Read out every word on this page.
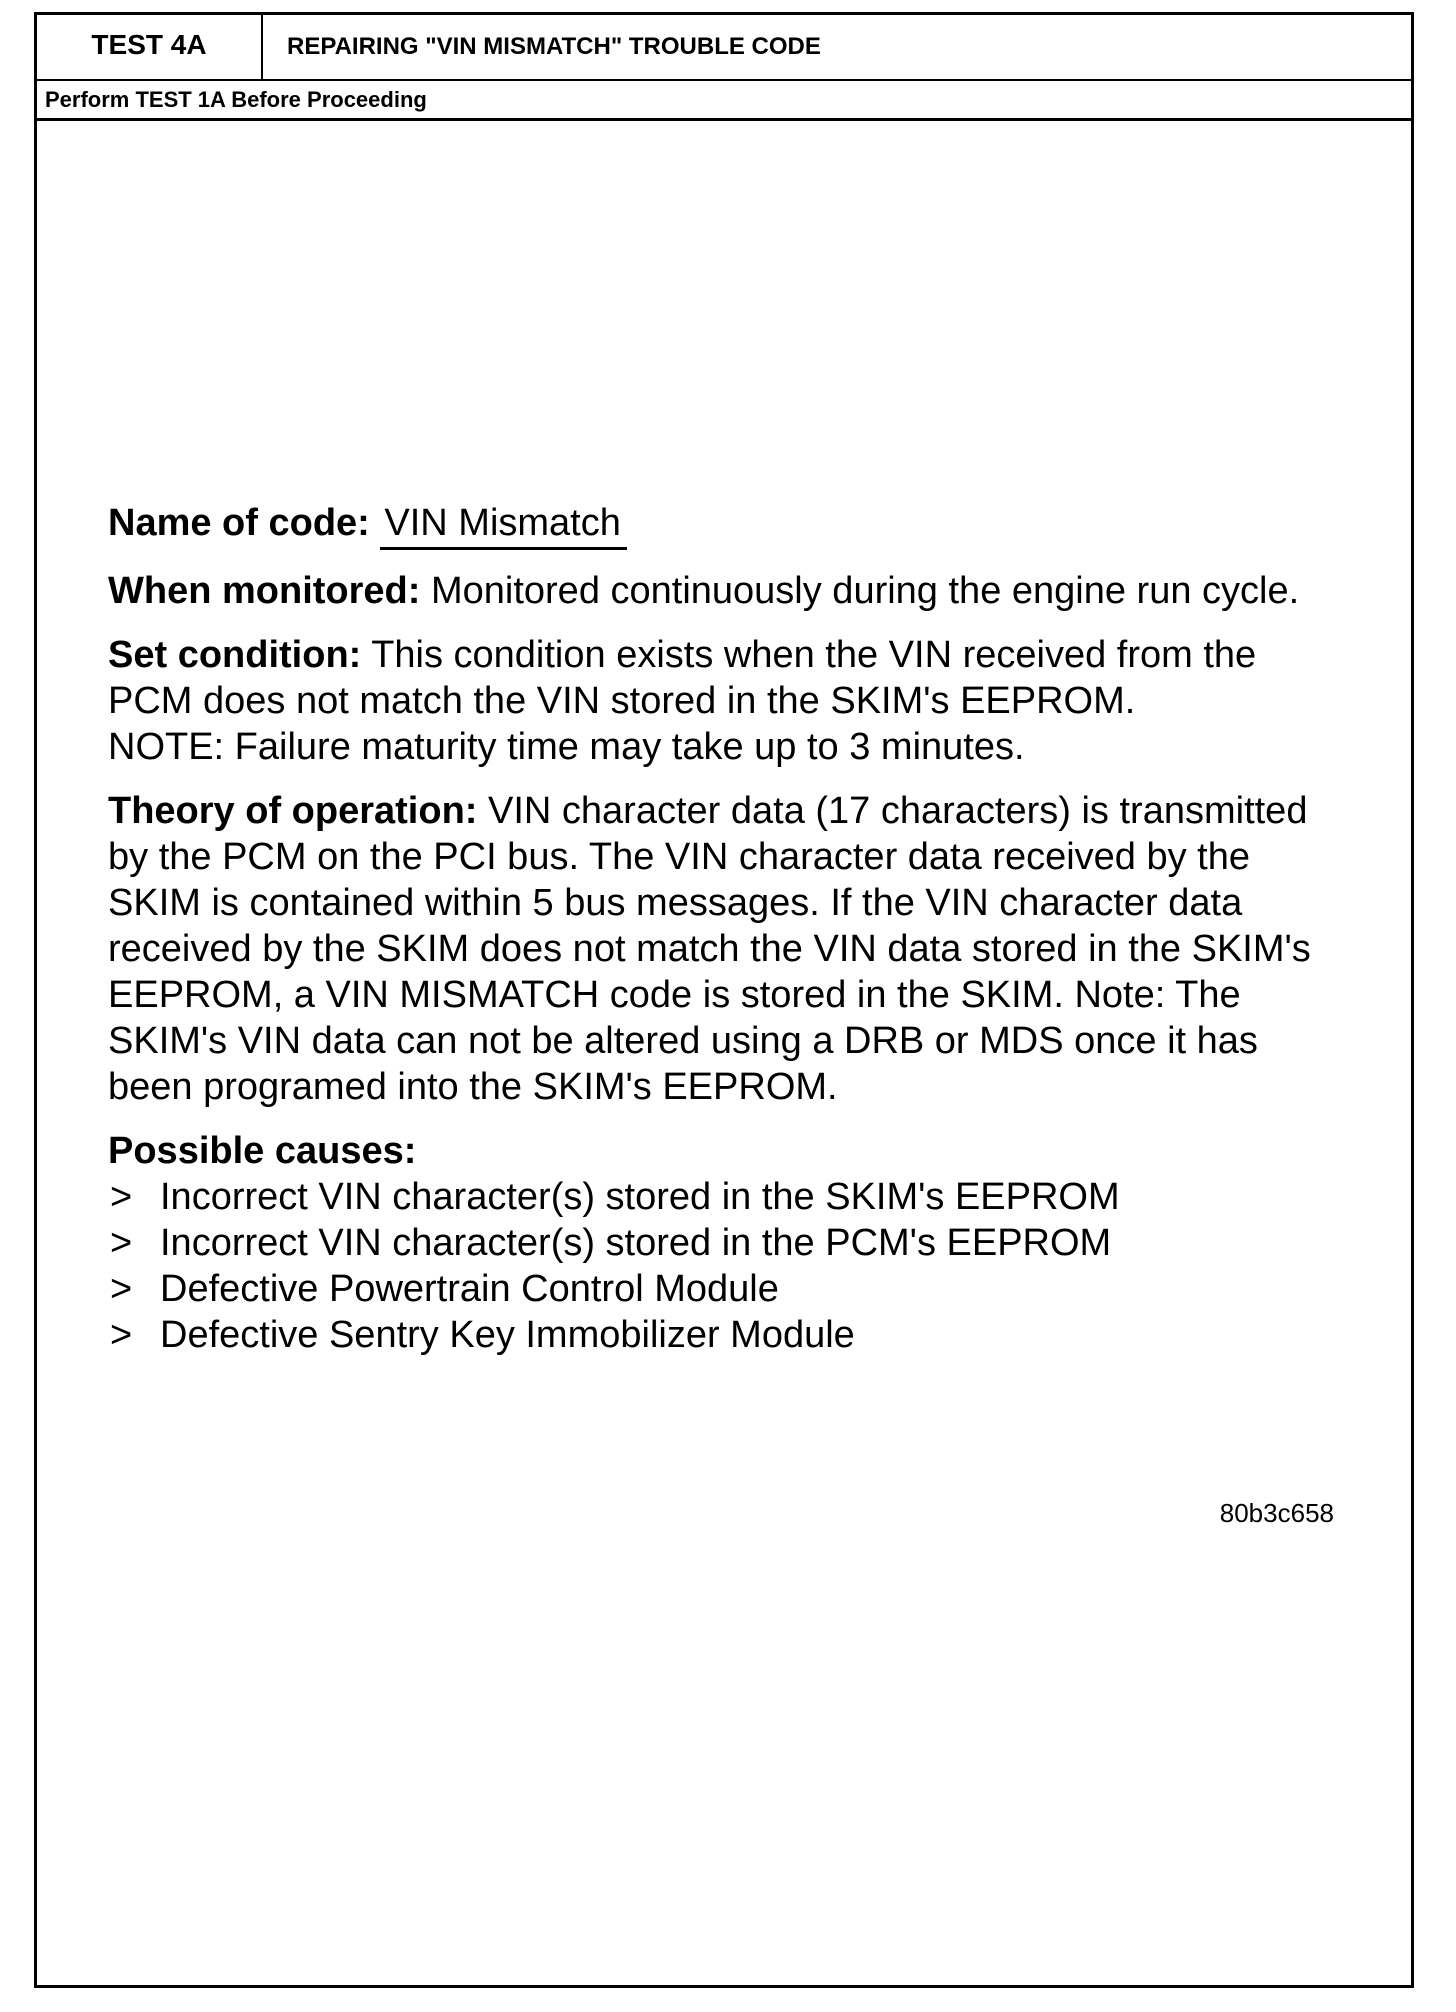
TEST 4A	REPAIRING "VIN MISMATCH" TROUBLE CODE
Perform TEST 1A Before Proceeding

Name of code: VIN Mismatch

When monitored: Monitored continuously during the engine run cycle.

Set condition: This condition exists when the VIN received from the PCM does not match the VIN stored in the SKIM's EEPROM.
NOTE: Failure maturity time may take up to 3 minutes.

Theory of operation: VIN character data (17 characters) is transmitted by the PCM on the PCI bus. The VIN character data received by the SKIM is contained within 5 bus messages. If the VIN character data received by the SKIM does not match the VIN data stored in the SKIM's EEPROM, a VIN MISMATCH code is stored in the SKIM. Note: The SKIM's VIN data can not be altered using a DRB or MDS once it has been programed into the SKIM's EEPROM.

Possible causes:
> Incorrect VIN character(s) stored in the SKIM's EEPROM
> Incorrect VIN character(s) stored in the PCM's EEPROM
> Defective Powertrain Control Module
> Defective Sentry Key Immobilizer Module
80b3c658
